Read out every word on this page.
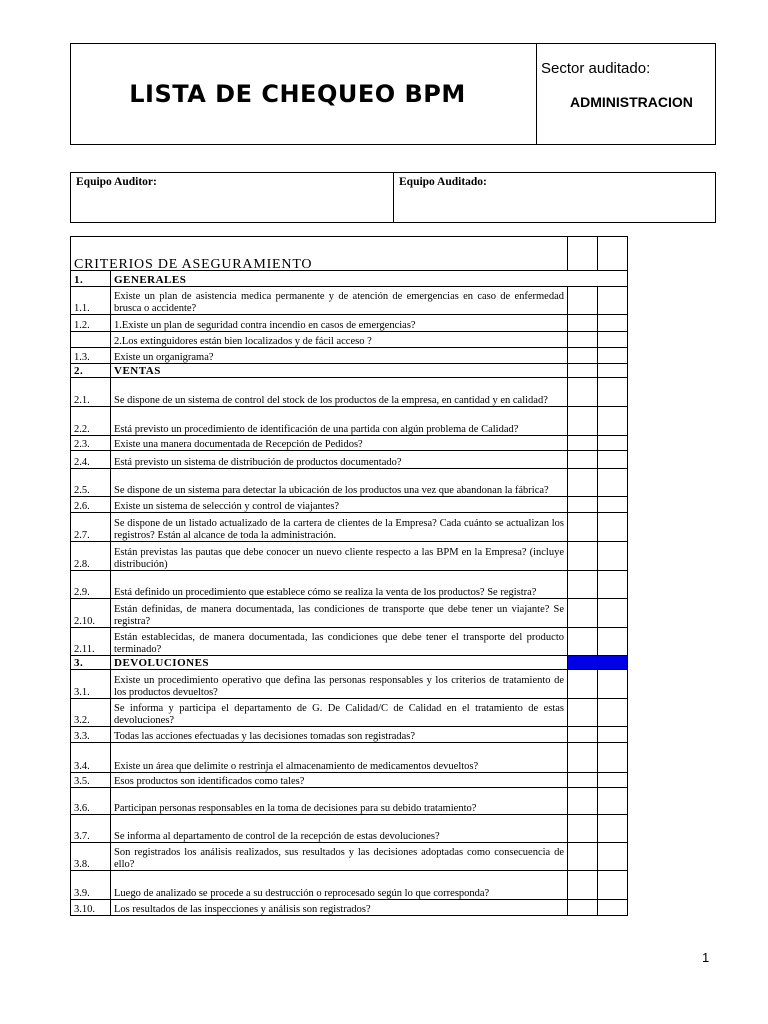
LISTA DE CHEQUEO BPM
Sector auditado:
ADMINISTRACION
Equipo Auditor:	Equipo Auditado:
CRITERIOS DE ASEGURAMIENTO			
1.	GENERALES		
1.1.	Existe un plan de asistencia medica permanente y de atención de emergencias en caso de enfermedad brusca o accidente?		
1.2.	1.Existe un plan de seguridad contra incendio en casos de emergencias?		
	2.Los extinguidores están bien localizados y de fácil acceso ?		
1.3.	Existe un organigrama?		
2.	VENTAS		
2.1.	Se dispone de un sistema de control del stock de los productos de la empresa, en cantidad y en calidad?		
2.2.	Está previsto un procedimiento de identificación de una partida con algún problema de Calidad?		
2.3.	Existe una manera documentada de Recepción de Pedidos?		
2.4.	Está previsto un sistema de distribución de productos documentado?		
2.5.	Se dispone de un sistema para detectar la ubicación de los productos una vez que abandonan la fábrica?		
2.6.	Existe un sistema de selección y control de viajantes?		
2.7.	Se dispone de un listado actualizado de la cartera de clientes de la Empresa? Cada cuánto se actualizan los registros? Están al alcance de toda la administración.		
2.8.	Están previstas las pautas que debe conocer un nuevo cliente respecto a las BPM en la Empresa? (incluye distribución)		
2.9.	Está definido un procedimiento que establece cómo se realiza la venta de los productos? Se registra?		
2.10.	Están definidas, de manera documentada, las condiciones de transporte que debe tener un viajante? Se registra?		
2.11.	Están establecidas, de manera documentada, las condiciones que debe tener el transporte del producto terminado?		
3.	DEVOLUCIONES		
3.1.	Existe un procedimiento operativo que defina las personas responsables y los criterios de tratamiento de los productos devueltos?		
3.2.	Se informa y participa el departamento de G. De Calidad/C de Calidad en el tratamiento de estas devoluciones?		
3.3.	Todas las acciones efectuadas y las decisiones tomadas son registradas?		
3.4.	Existe un área que delimite o restrinja el almacenamiento de medicamentos devueltos?		
3.5.	Esos productos son identificados como tales?		
3.6.	Participan personas responsables en la toma de decisiones para su debido tratamiento?		
3.7.	Se informa al departamento de control de la recepción de estas devoluciones?		
3.8.	Son registrados los análisis realizados, sus resultados y las decisiones adoptadas como consecuencia de ello?		
3.9.	Luego de analizado se procede a su destrucción o reprocesado según lo que corresponda?		
3.10.	Los resultados de las inspecciones y análisis son registrados?		
1
